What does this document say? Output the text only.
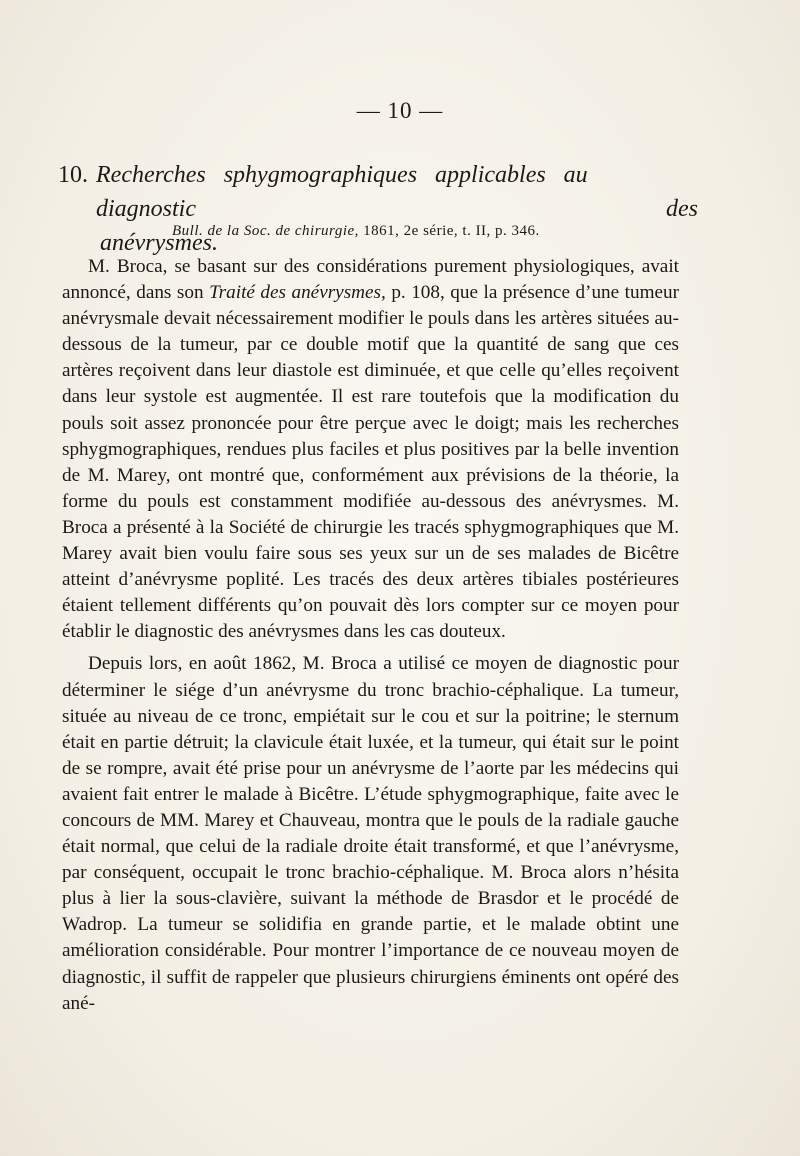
— 10 —
10. Recherches sphygmographiques applicables au diagnostic des
anévrysmes.
Bull. de la Soc. de chirurgie, 1861, 2e série, t. II, p. 346.

M. Broca, se basant sur des considérations purement physiologiques, avait annoncé, dans son Traité des anévrysmes, p. 108, que la présence d’une tumeur anévrysmale devait nécessairement modifier le pouls dans les artères situées au-dessous de la tumeur, par ce double motif que la quantité de sang que ces artères reçoivent dans leur diastole est diminuée, et que celle qu’elles reçoivent dans leur systole est augmentée. Il est rare toutefois que la modification du pouls soit assez prononcée pour être perçue avec le doigt; mais les recherches sphygmographiques, rendues plus faciles et plus positives par la belle invention de M. Marey, ont montré que, conformément aux prévisions de la théorie, la forme du pouls est constamment modifiée au-dessous des anévrysmes. M. Broca a présenté à la Société de chirurgie les tracés sphygmographiques que M. Marey avait bien voulu faire sous ses yeux sur un de ses malades de Bicêtre atteint d’anévrysme poplité. Les tracés des deux artères tibiales postérieures étaient tellement différents qu’on pouvait dès lors compter sur ce moyen pour établir le diagnostic des anévrysmes dans les cas douteux.

Depuis lors, en août 1862, M. Broca a utilisé ce moyen de diagnostic pour déterminer le siége d’un anévrysme du tronc brachio-céphalique. La tumeur, située au niveau de ce tronc, empiétait sur le cou et sur la poitrine; le sternum était en partie détruit; la clavicule était luxée, et la tumeur, qui était sur le point de se rompre, avait été prise pour un anévrysme de l’aorte par les médecins qui avaient fait entrer le malade à Bicêtre. L’étude sphygmographique, faite avec le concours de MM. Marey et Chauveau, montra que le pouls de la radiale gauche était normal, que celui de la radiale droite était transformé, et que l’anévrysme, par conséquent, occupait le tronc brachio-céphalique. M. Broca alors n’hésita plus à lier la sous-clavière, suivant la méthode de Brasdor et le procédé de Wadrop. La tumeur se solidifia en grande partie, et le malade obtint une amélioration considérable. Pour montrer l’importance de ce nouveau moyen de diagnostic, il suffit de rappeler que plusieurs chirurgiens éminents ont opéré des ané-
